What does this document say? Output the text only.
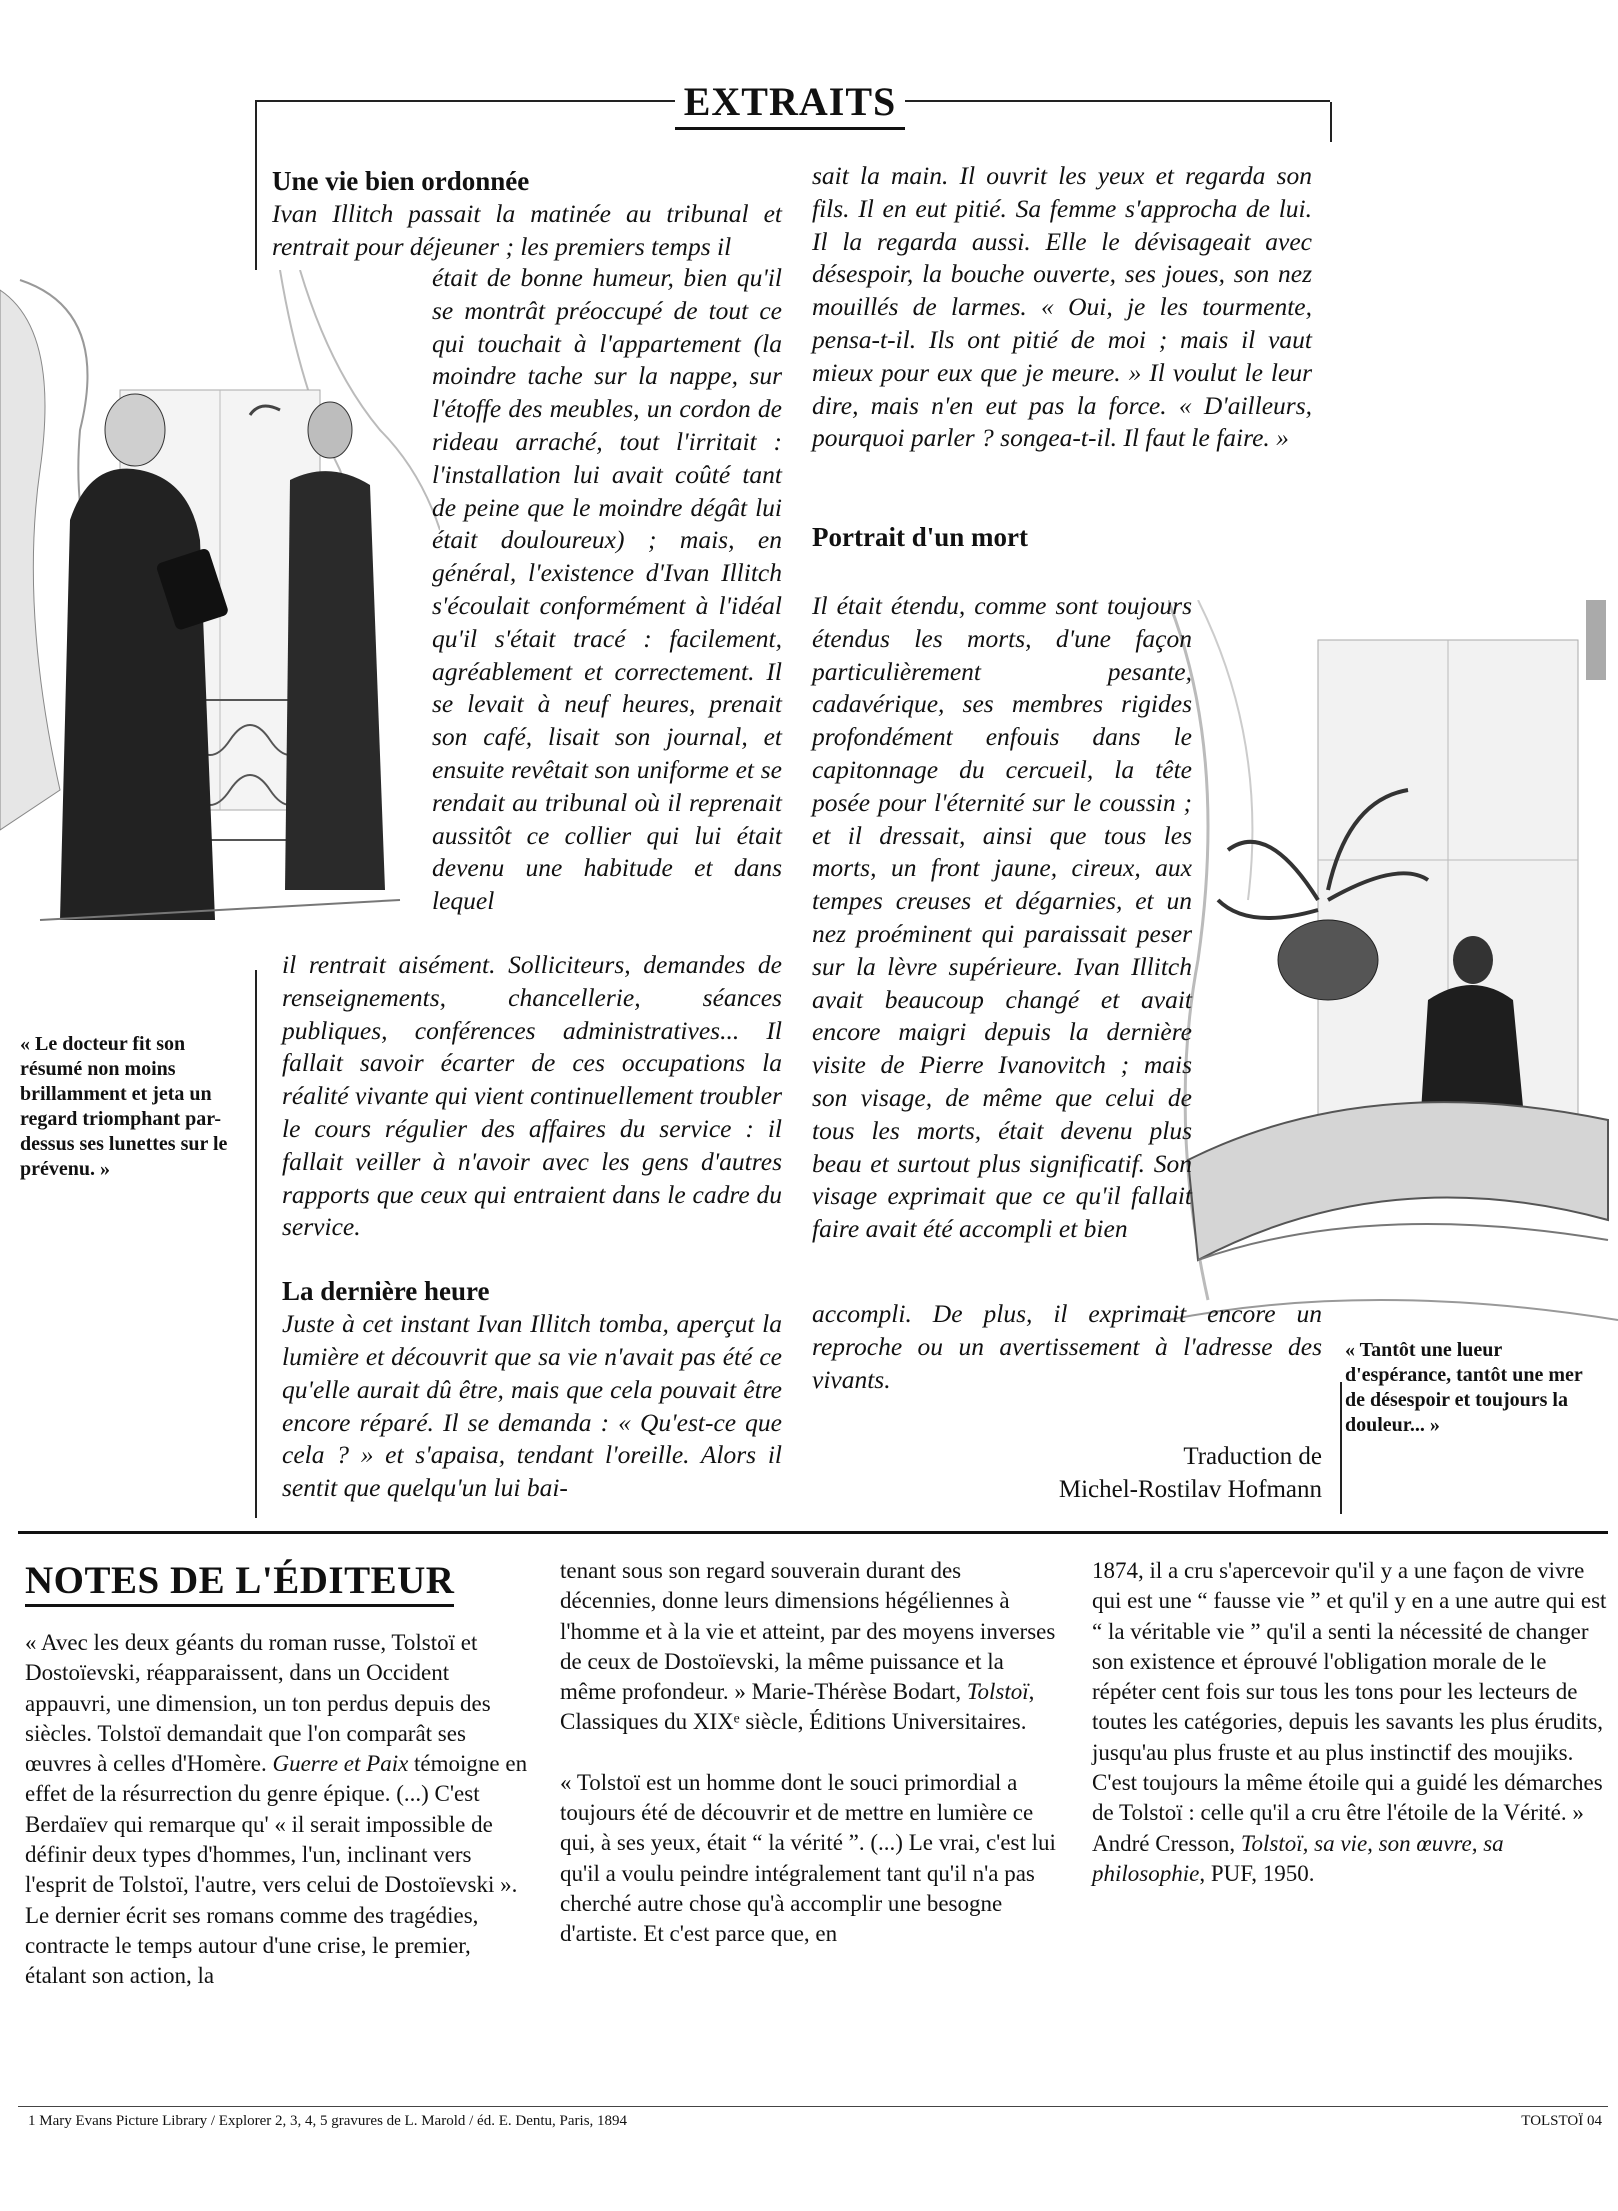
EXTRAITS
« Le docteur fit son résumé non moins brillamment et jeta un regard triomphant par-dessus ses lunettes sur le prévenu. »
« Tantôt une lueur d'espérance, tantôt une mer de désespoir et toujours la douleur... »

Une vie bien ordonnée

Ivan Illitch passait la matinée au tribunal et rentrait pour déjeuner ; les premiers temps il

était de bonne humeur, bien qu'il se montrât préoccupé de tout ce qui touchait à l'appartement (la moindre tache sur la nappe, sur l'étoffe des meubles, un cordon de rideau arraché, tout l'irritait : l'installation lui avait coûté tant de peine que le moindre dégât lui était douloureux) ; mais, en général, l'existence d'Ivan Illitch s'écoulait conformément à l'idéal qu'il s'était tracé : facilement, agréablement et correctement. Il se levait à neuf heures, prenait son café, lisait son journal, et ensuite revêtait son uniforme et se rendait au tribunal où il reprenait aussitôt ce collier qui lui était devenu une habitude et dans lequel

il rentrait aisément. Solliciteurs, demandes de renseignements, chancellerie, séances publiques, conférences administratives... Il fallait savoir écarter de ces occupations la réalité vivante qui vient continuellement troubler le cours régulier des affaires du service : il fallait veiller à n'avoir avec les gens d'autres rapports que ceux qui entraient dans le cadre du service.

La dernière heure

Juste à cet instant Ivan Illitch tomba, aperçut la lumière et découvrit que sa vie n'avait pas été ce qu'elle aurait dû être, mais que cela pouvait être encore réparé. Il se demanda : « Qu'est-ce que cela ? » et s'apaisa, tendant l'oreille. Alors il sentit que quelqu'un lui bai-

sait la main. Il ouvrit les yeux et regarda son fils. Il en eut pitié. Sa femme s'approcha de lui. Il la regarda aussi. Elle le dévisageait avec désespoir, la bouche ouverte, ses joues, son nez mouillés de larmes. « Oui, je les tourmente, pensa-t-il. Ils ont pitié de moi ; mais il vaut mieux pour eux que je meure. » Il voulut le leur dire, mais n'en eut pas la force. « D'ailleurs, pourquoi parler ? songea-t-il. Il faut le faire. »

Portrait d'un mort

Il était étendu, comme sont toujours étendus les morts, d'une façon particulièrement pesante, cadavérique, ses membres rigides profondément enfouis dans le capitonnage du cercueil, la tête posée pour l'éternité sur le coussin ; et il dressait, ainsi que tous les morts, un front jaune, cireux, aux tempes creuses et dégarnies, et un nez proéminent qui paraissait peser sur la lèvre supérieure. Ivan Illitch avait beaucoup changé et avait encore maigri depuis la dernière visite de Pierre Ivanovitch ; mais son visage, de même que celui de tous les morts, était devenu plus beau et surtout plus significatif. Son visage exprimait que ce qu'il fallait faire avait été accompli et bien
accompli. De plus, il exprimait encore un reproche ou un avertissement à l'adresse des vivants.
Traduction de
Michel-Rostilav Hofmann
NOTES DE L'ÉDITEUR

« Avec les deux géants du roman russe, Tolstoï et Dostoïevski, réapparaissent, dans un Occident appauvri, une dimension, un ton perdus depuis des siècles. Tolstoï demandait que l'on comparât ses œuvres à celles d'Homère. Guerre et Paix témoigne en effet de la résurrection du genre épique. (...) C'est Berdaïev qui remarque qu' « il serait impossible de définir deux types d'hommes, l'un, inclinant vers l'esprit de Tolstoï, l'autre, vers celui de Dostoïevski ». Le dernier écrit ses romans comme des tragédies, contracte le temps autour d'une crise, le premier, étalant son action, la

tenant sous son regard souverain durant des décennies, donne leurs dimensions hégéliennes à l'homme et à la vie et atteint, par des moyens inverses de ceux de Dostoïevski, la même puissance et la même profondeur. » Marie-Thérèse Bodart, Tolstoï, Classiques du XIXᵉ siècle, Éditions Universitaires.

« Tolstoï est un homme dont le souci primordial a toujours été de découvrir et de mettre en lumière ce qui, à ses yeux, était “ la vérité ”. (...) Le vrai, c'est lui qu'il a voulu peindre intégralement tant qu'il n'a pas cherché autre chose qu'à accomplir une besogne d'artiste. Et c'est parce que, en

1874, il a cru s'apercevoir qu'il y a une façon de vivre qui est une “ fausse vie ” et qu'il y en a une autre qui est “ la véritable vie ” qu'il a senti la nécessité de changer son existence et éprouvé l'obligation morale de le répéter cent fois sur tous les tons pour les lecteurs de toutes les catégories, depuis les savants les plus érudits, jusqu'au plus fruste et au plus instinctif des moujiks. C'est toujours la même étoile qui a guidé les démarches de Tolstoï : celle qu'il a cru être l'étoile de la Vérité. » André Cresson, Tolstoï, sa vie, son œuvre, sa philosophie, PUF, 1950.

1 Mary Evans Picture Library / Explorer 2, 3, 4, 5 gravures de L. Marold / éd. E. Dentu, Paris, 1894	TOLSTOÏ 04
